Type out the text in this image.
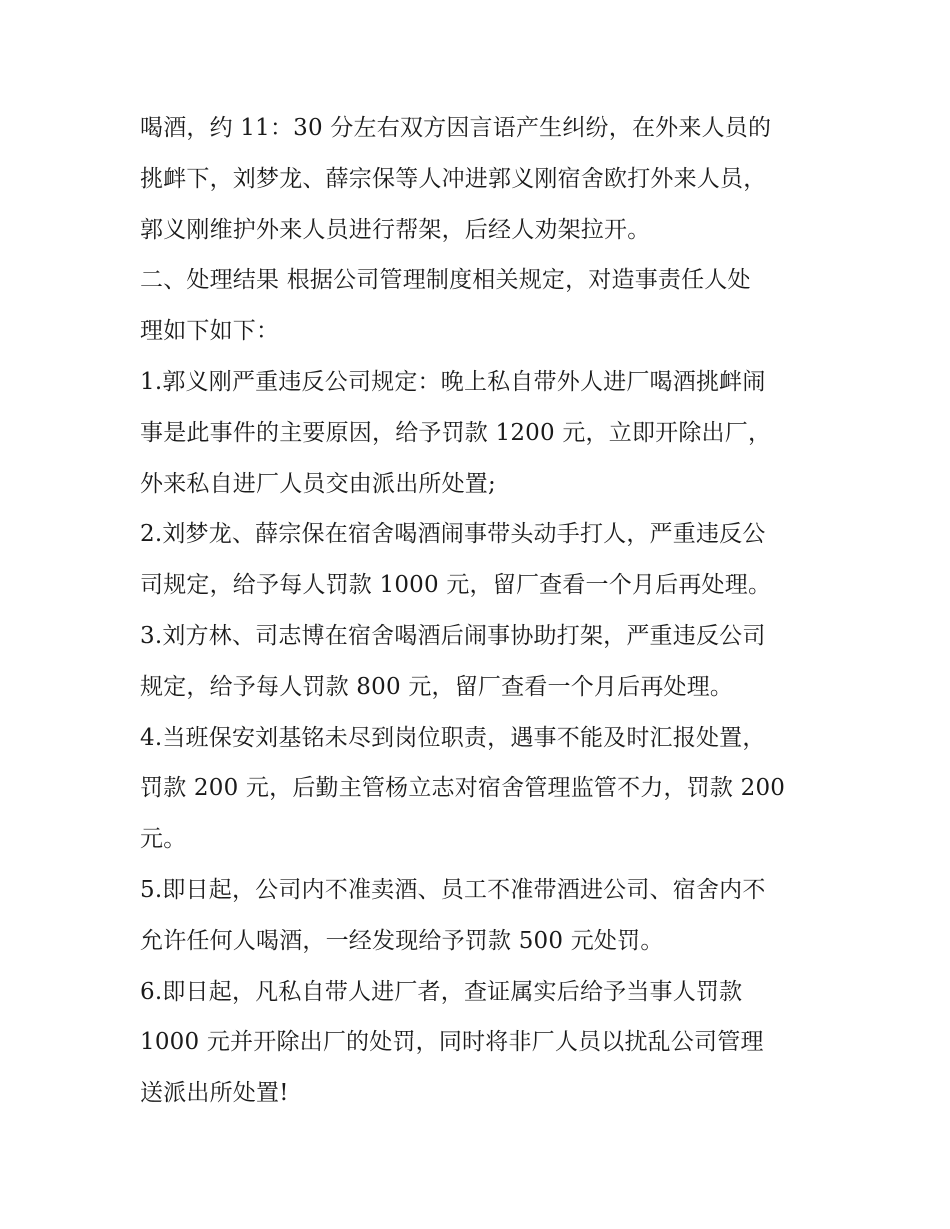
喝酒，约 11：30 分左右双方因言语产生纠纷，在外来人员的
挑衅下，刘梦龙、薛宗保等人冲进郭义刚宿舍欧打外来人员，
郭义刚维护外来人员进行帮架，后经人劝架拉开。
二、处理结果 根据公司管理制度相关规定，对造事责任人处
理如下如下：
1.郭义刚严重违反公司规定：晚上私自带外人进厂喝酒挑衅闹
事是此事件的主要原因，给予罚款 1200 元，立即开除出厂，
外来私自进厂人员交由派出所处置;
2.刘梦龙、薛宗保在宿舍喝酒闹事带头动手打人，严重违反公
司规定，给予每人罚款 1000 元，留厂查看一个月后再处理。
3.刘方林、司志博在宿舍喝酒后闹事协助打架，严重违反公司
规定，给予每人罚款 800 元，留厂查看一个月后再处理。
4.当班保安刘基铭未尽到岗位职责，遇事不能及时汇报处置，
罚款 200 元，后勤主管杨立志对宿舍管理监管不力，罚款 200
元。
5.即日起，公司内不准卖酒、员工不准带酒进公司、宿舍内不
允许任何人喝酒，一经发现给予罚款 500 元处罚。
6.即日起，凡私自带人进厂者，查证属实后给予当事人罚款
1000 元并开除出厂的处罚，同时将非厂人员以扰乱公司管理
送派出所处置!
